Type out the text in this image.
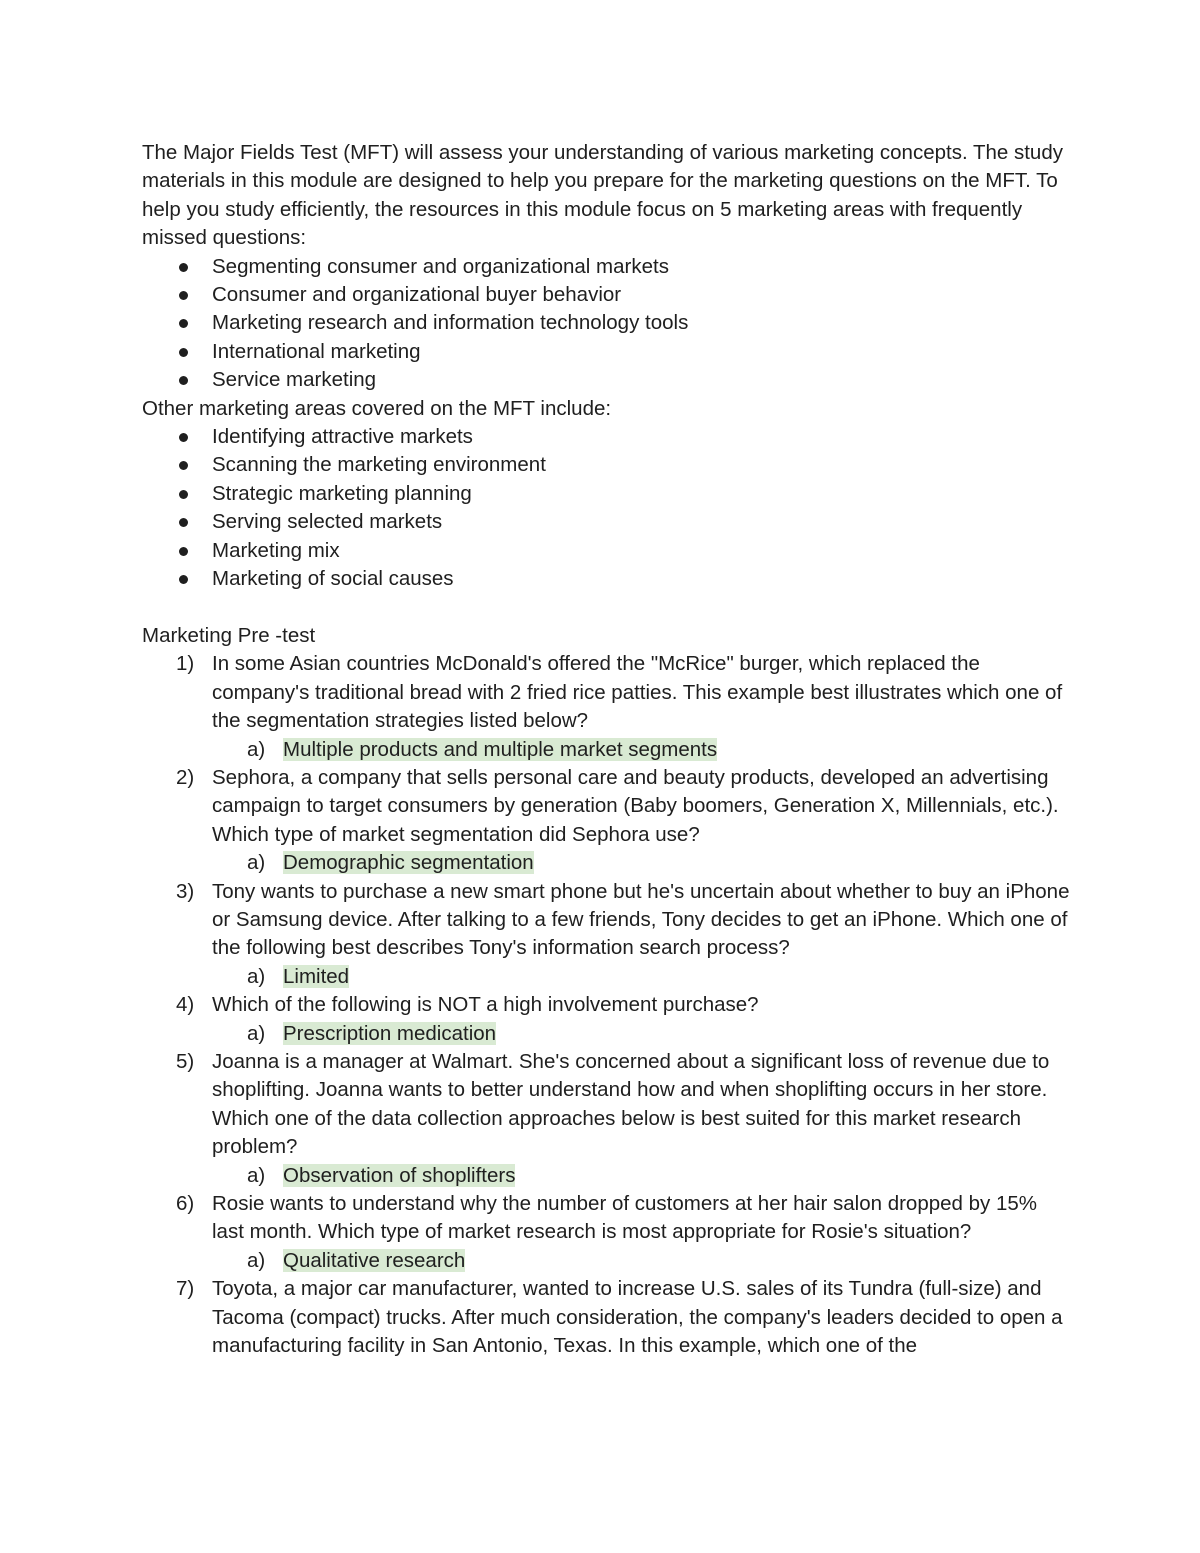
The Major Fields Test (MFT) will assess your understanding of various marketing concepts. The study materials in this module are designed to help you prepare for the marketing questions on the MFT. To help you study efficiently, the resources in this module focus on 5 marketing areas with frequently missed questions:

Segmenting consumer and organizational markets
Consumer and organizational buyer behavior
Marketing research and information technology tools
International marketing
Service marketing

Other marketing areas covered on the MFT include:

Identifying attractive markets
Scanning the marketing environment
Strategic marketing planning
Serving selected markets
Marketing mix
Marketing of social causes

Marketing Pre -test

1) In some Asian countries McDonald's offered the "McRice" burger, which replaced the company's traditional bread with 2 fried rice patties. This example best illustrates which one of the segmentation strategies listed below?
a) Multiple products and multiple market segments
2) Sephora, a company that sells personal care and beauty products, developed an advertising campaign to target consumers by generation (Baby boomers, Generation X, Millennials, etc.). Which type of market segmentation did Sephora use?
a) Demographic segmentation
3) Tony wants to purchase a new smart phone but he's uncertain about whether to buy an iPhone or Samsung device. After talking to a few friends, Tony decides to get an iPhone. Which one of the following best describes Tony's information search process?
a) Limited
4) Which of the following is NOT a high involvement purchase?
a) Prescription medication
5) Joanna is a manager at Walmart. She's concerned about a significant loss of revenue due to shoplifting. Joanna wants to better understand how and when shoplifting occurs in her store. Which one of the data collection approaches below is best suited for this market research problem?
a) Observation of shoplifters
6) Rosie wants to understand why the number of customers at her hair salon dropped by 15% last month. Which type of market research is most appropriate for Rosie's situation?
a) Qualitative research
7) Toyota, a major car manufacturer, wanted to increase U.S. sales of its Tundra (full-size) and Tacoma (compact) trucks. After much consideration, the company's leaders decided to open a manufacturing facility in San Antonio, Texas. In this example, which one of the
